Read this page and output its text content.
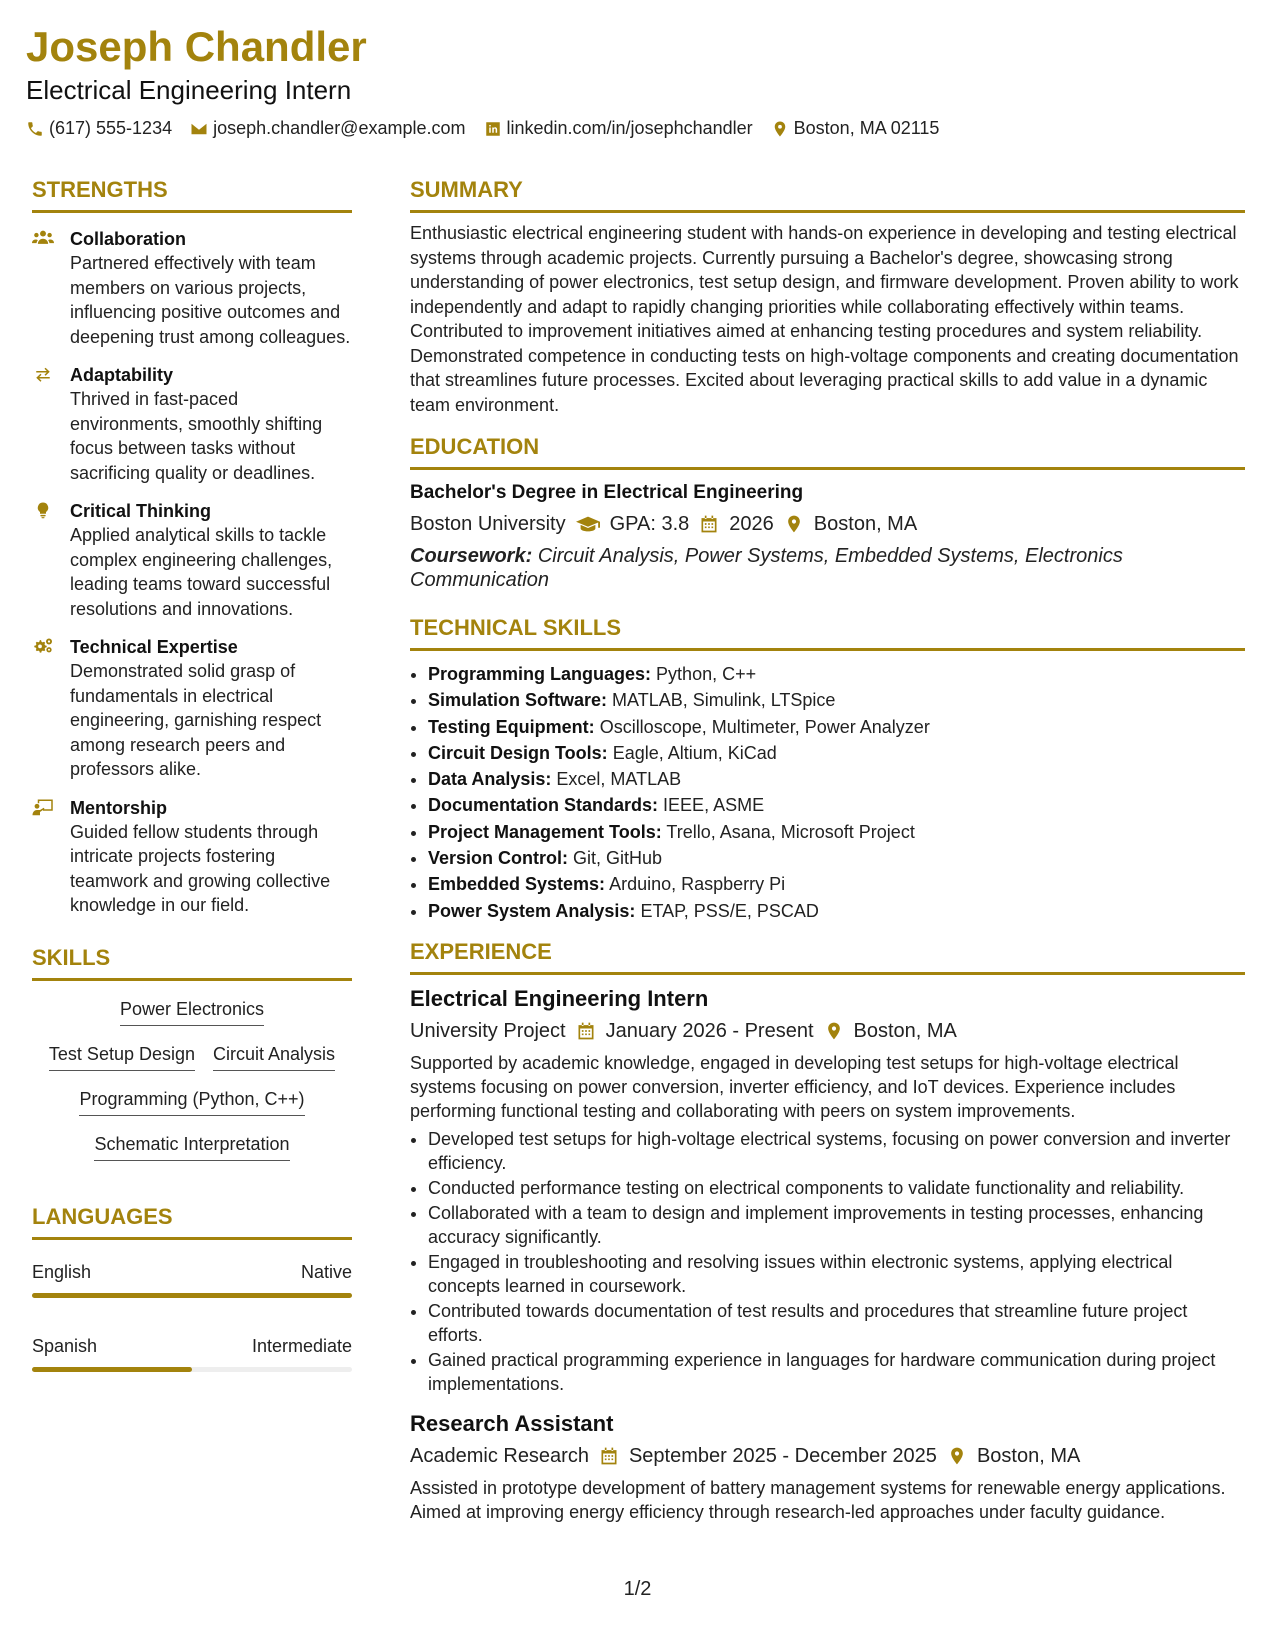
Joseph Chandler
Electrical Engineering Intern
(617) 555-1234 joseph.chandler@example.com linkedin.com/in/josephchandler Boston, MA 02115
STRENGTHS
Collaboration
Partnered effectively with team members on various projects, influencing positive outcomes and deepening trust among colleagues.
Adaptability
Thrived in fast-paced environments, smoothly shifting focus between tasks without sacrificing quality or deadlines.
Critical Thinking
Applied analytical skills to tackle complex engineering challenges, leading teams toward successful resolutions and innovations.
Technical Expertise
Demonstrated solid grasp of fundamentals in electrical engineering, garnishing respect among research peers and professors alike.
Mentorship
Guided fellow students through intricate projects fostering teamwork and growing collective knowledge in our field.
SKILLS
Power Electronics
Test Setup Design Circuit Analysis
Programming (Python, C++)
Schematic Interpretation
LANGUAGES
English	Native
Spanish	Intermediate
SUMMARY
Enthusiastic electrical engineering student with hands-on experience in developing and testing electrical systems through academic projects. Currently pursuing a Bachelor's degree, showcasing strong understanding of power electronics, test setup design, and firmware development. Proven ability to work independently and adapt to rapidly changing priorities while collaborating effectively within teams. Contributed to improvement initiatives aimed at enhancing testing procedures and system reliability. Demonstrated competence in conducting tests on high-voltage components and creating documentation that streamlines future processes. Excited about leveraging practical skills to add value in a dynamic team environment.
EDUCATION
Bachelor's Degree in Electrical Engineering
Boston University GPA: 3.8 2026 Boston, MA
Coursework: Circuit Analysis, Power Systems, Embedded Systems, Electronics Communication
TECHNICAL SKILLS
• Programming Languages: Python, C++
• Simulation Software: MATLAB, Simulink, LTSpice
• Testing Equipment: Oscilloscope, Multimeter, Power Analyzer
• Circuit Design Tools: Eagle, Altium, KiCad
• Data Analysis: Excel, MATLAB
• Documentation Standards: IEEE, ASME
• Project Management Tools: Trello, Asana, Microsoft Project
• Version Control: Git, GitHub
• Embedded Systems: Arduino, Raspberry Pi
• Power System Analysis: ETAP, PSS/E, PSCAD
EXPERIENCE
Electrical Engineering Intern
University Project January 2026 - Present Boston, MA
Supported by academic knowledge, engaged in developing test setups for high-voltage electrical systems focusing on power conversion, inverter efficiency, and IoT devices. Experience includes performing functional testing and collaborating with peers on system improvements.
• Developed test setups for high-voltage electrical systems, focusing on power conversion and inverter efficiency.
• Conducted performance testing on electrical components to validate functionality and reliability.
• Collaborated with a team to design and implement improvements in testing processes, enhancing accuracy significantly.
• Engaged in troubleshooting and resolving issues within electronic systems, applying electrical concepts learned in coursework.
• Contributed towards documentation of test results and procedures that streamline future project efforts.
• Gained practical programming experience in languages for hardware communication during project implementations.
Research Assistant
Academic Research September 2025 - December 2025 Boston, MA
Assisted in prototype development of battery management systems for renewable energy applications. Aimed at improving energy efficiency through research-led approaches under faculty guidance.
1/2
